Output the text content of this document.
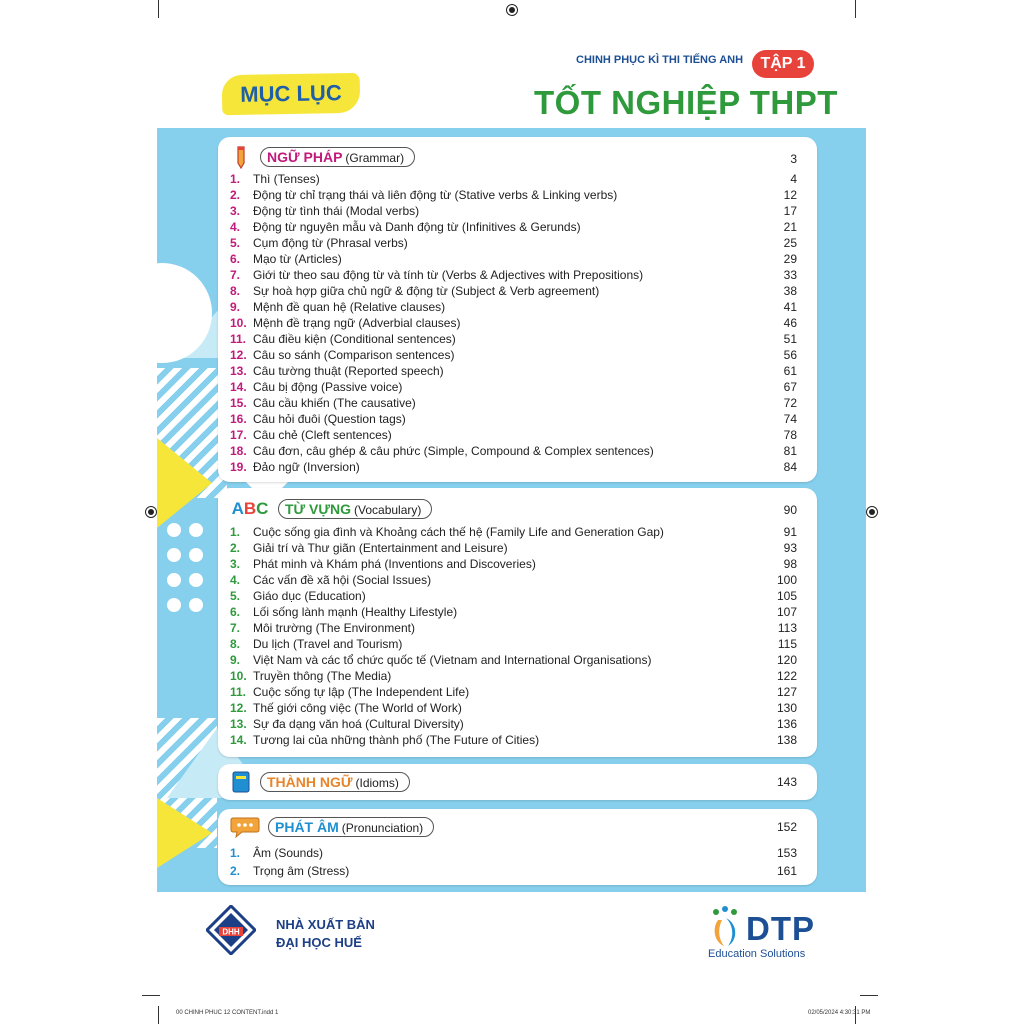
MỤC LỤC
CHINH PHỤC KÌ THI TIẾNG ANH	TẬP 1
TỐT NGHIỆP THPT
NGỮ PHÁP (Grammar)	3
1.	Thì (Tenses)	4
2.	Động từ chỉ trạng thái và liên động từ (Stative verbs & Linking verbs)	12
3.	Động từ tình thái (Modal verbs)	17
4.	Động từ nguyên mẫu và Danh động từ (Infinitives & Gerunds)	21
5.	Cụm động từ (Phrasal verbs)	25
6.	Mạo từ (Articles)	29
7.	Giới từ theo sau động từ và tính từ (Verbs & Adjectives with Prepositions)	33
8.	Sự hoà hợp giữa chủ ngữ & động từ (Subject & Verb agreement)	38
9.	Mệnh đề quan hệ (Relative clauses)	41
10. Mệnh đề trạng ngữ (Adverbial clauses)	46
11. Câu điều kiện (Conditional sentences)	51
12. Câu so sánh (Comparison sentences)	56
13. Câu tường thuật (Reported speech)	61
14. Câu bị động (Passive voice)	67
15. Câu cầu khiến (The causative)	72
16. Câu hỏi đuôi (Question tags)	74
17. Câu chẻ (Cleft sentences)	78
18. Câu đơn, câu ghép & câu phức (Simple, Compound & Complex sentences)	81
19. Đảo ngữ (Inversion)	84
A B C	TỪ VỰNG (Vocabulary)	90
1.	Cuộc sống gia đình và Khoảng cách thế hệ (Family Life and Generation Gap)	91
2.	Giải trí và Thư giãn (Entertainment and Leisure)	93
3.	Phát minh và Khám phá (Inventions and Discoveries)	98
4.	Các vấn đề xã hội (Social Issues)	100
5.	Giáo dục (Education)	105
6.	Lối sống lành mạnh (Healthy Lifestyle)	107
7.	Môi trường (The Environment)	113
8.	Du lịch (Travel and Tourism)	115
9.	Việt Nam và các tổ chức quốc tế (Vietnam and International Organisations)	120
10. Truyền thông (The Media)	122
11. Cuộc sống tự lập (The Independent Life)	127
12. Thế giới công việc (The World of Work)	130
13. Sự đa dạng văn hoá (Cultural Diversity)	136
14. Tương lai của những thành phố (The Future of Cities)	138
THÀNH NGỮ (Idioms)	143
PHÁT ÂM (Pronunciation)	152
1.	Âm (Sounds)	153
2.	Trọng âm (Stress)	161
DHH	NHÀ XUẤT BẢN
ĐẠI HỌC HUẾ	DTP
Education Solutions
00 CHINH PHUC 12 CONTENT.indd 1	02/05/2024 4:30:31 PM
